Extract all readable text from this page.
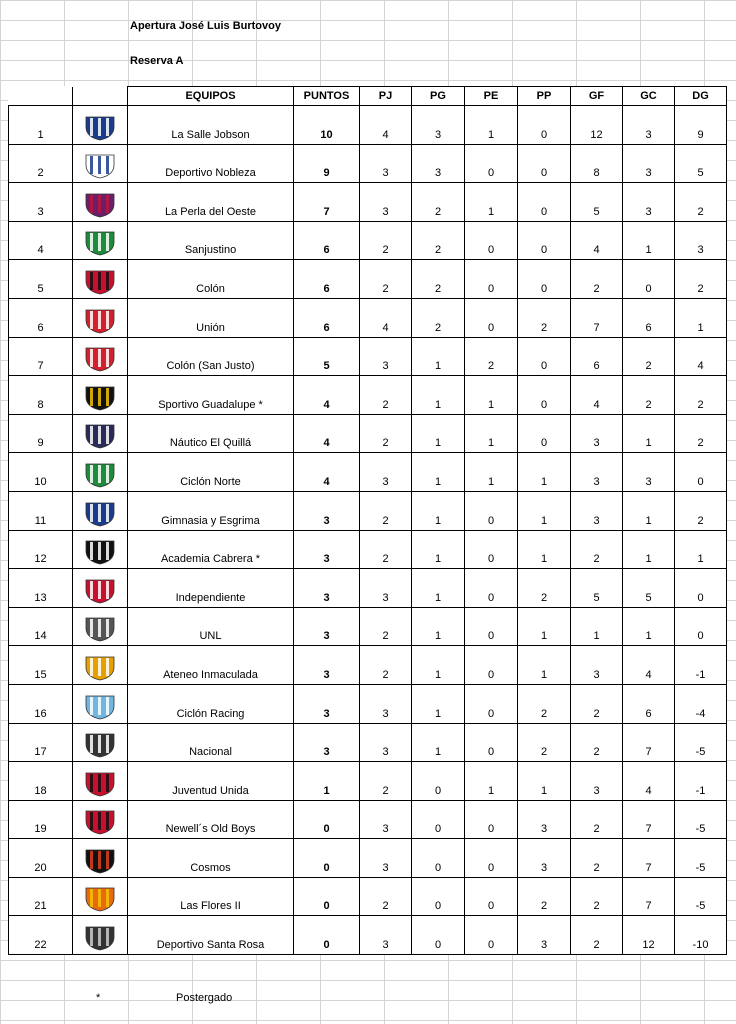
Apertura José Luis Burtovoy
Reserva A
		EQUIPOS	PUNTOS	PJ	PG	PE	PP	GF	GC	DG
1		La Salle Jobson	10	4	3	1	0	12	3	9
2		Deportivo Nobleza	9	3	3	0	0	8	3	5
3		La Perla del Oeste	7	3	2	1	0	5	3	2
4		Sanjustino	6	2	2	0	0	4	1	3
5		Colón	6	2	2	0	0	2	0	2
6		Unión	6	4	2	0	2	7	6	1
7		Colón (San Justo)	5	3	1	2	0	6	2	4
8		Sportivo Guadalupe *	4	2	1	1	0	4	2	2
9		Náutico El Quillá	4	2	1	1	0	3	1	2
10		Ciclón Norte	4	3	1	1	1	3	3	0
11		Gimnasia y Esgrima	3	2	1	0	1	3	1	2
12		Academia Cabrera *	3	2	1	0	1	2	1	1
13		Independiente	3	3	1	0	2	5	5	0
14		UNL	3	2	1	0	1	1	1	0
15		Ateneo Inmaculada	3	2	1	0	1	3	4	-1
16		Ciclón Racing	3	3	1	0	2	2	6	-4
17		Nacional	3	3	1	0	2	2	7	-5
18		Juventud Unida	1	2	0	1	1	3	4	-1
19		Newell´s Old Boys	0	3	0	0	3	2	7	-5
20		Cosmos	0	3	0	0	3	2	7	-5
21		Las Flores II	0	2	0	0	2	2	7	-5
22		Deportivo Santa Rosa	0	3	0	0	3	2	12	-10
*	Postergado
